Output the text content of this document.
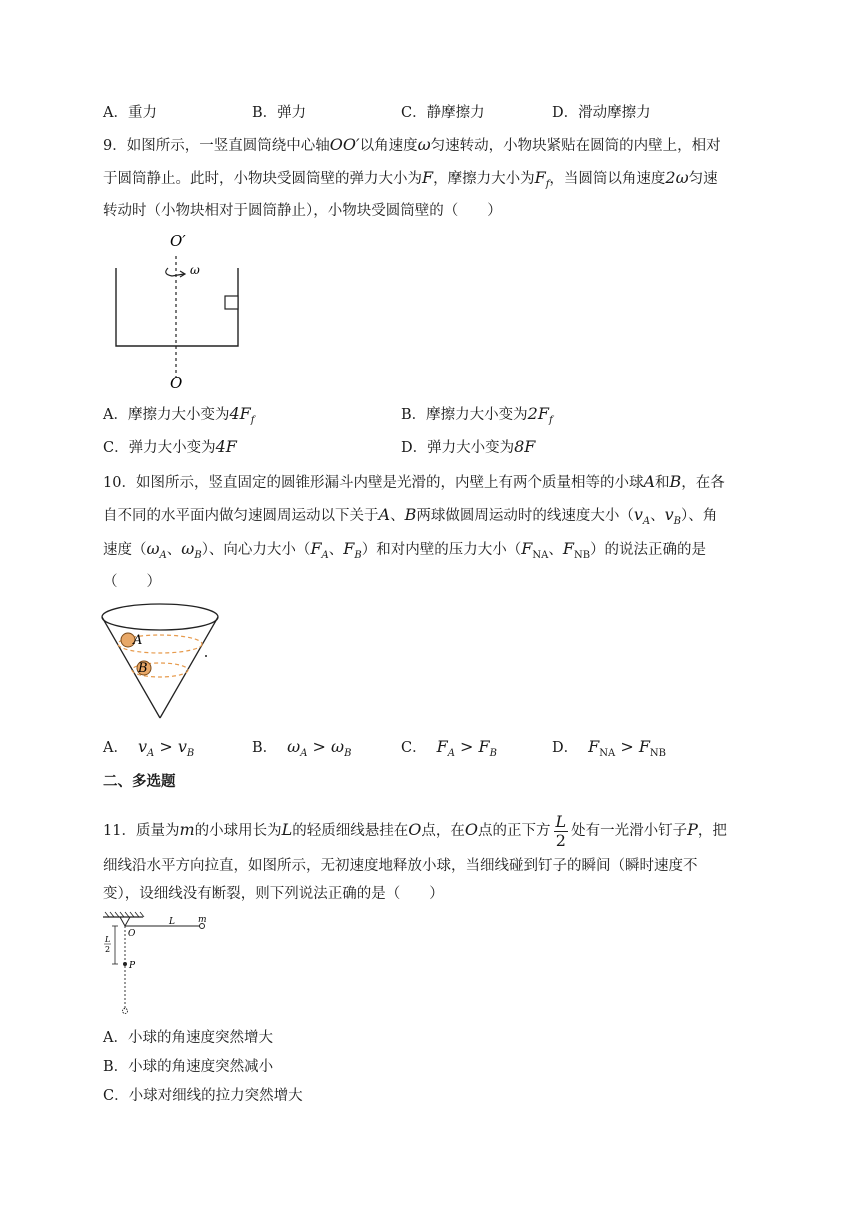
A．重力	B．弹力	C．静摩擦力	D．滑动摩擦力
9．如图所示，一竖直圆筒绕中心轴OO′以角速度ω匀速转动，小物块紧贴在圆筒的内壁上，相对
于圆筒静止。此时，小物块受圆筒壁的弹力大小为F，摩擦力大小为$F_f$，当圆筒以角速度2ω匀速
转动时（小物块相对于圆筒静止），小物块受圆筒壁的（　　）
O′
ω
O
A．摩擦力大小变为$4F_f$	B．摩擦力大小变为$2F_f$
C．弹力大小变为4F	D．弹力大小变为8F
10．如图所示，竖直固定的圆锥形漏斗内壁是光滑的，内壁上有两个质量相等的小球A和B，在各
自不同的水平面内做匀速圆周运动以下关于A、B两球做圆周运动时的线速度大小（$v_A$、$v_B$）、角
速度（$\omega_A$、$\omega_B$）、向心力大小（$F_A$、$F_B$）和对内壁的压力大小（$F_{NA}$、$F_{NB}$）的说法正确的是
（　　）
A
B
A． $v_A > v_B$	B． $\omega_A > \omega_B$	C． $F_A > F_B$	D． $F_{NA} > F_{NB}$
二、多选题
11．质量为m的小球用长为L的轻质细线悬挂在O点，在O点的正下方 $\frac{L}{2}$ 处有一光滑小钉子P，把
细线沿水平方向拉直，如图所示，无初速度地释放小球，当细线碰到钉子的瞬间（瞬时速度不
变），设细线没有断裂，则下列说法正确的是（　　）
O
L	m
L
2
P
A．小球的角速度突然增大
B．小球的角速度突然减小
C．小球对细线的拉力突然增大
